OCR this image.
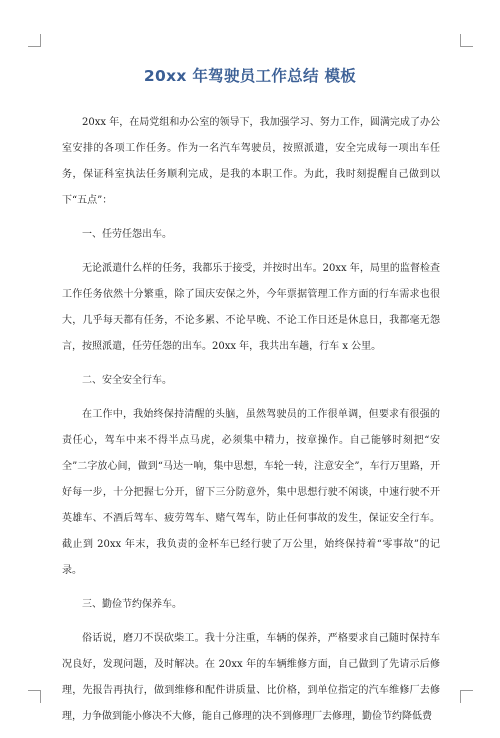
20xx 年驾驶员工作总结 模板

20xx 年，在局党组和办公室的领导下，我加强学习、努力工作，圆满完成了办公室安排的各项工作任务。作为一名汽车驾驶员，按照派遣，安全完成每一项出车任务，保证科室执法任务顺利完成，是我的本职工作。为此，我时刻提醒自己做到以下“五点”：

一、任劳任怨出车。

无论派遣什么样的任务，我都乐于接受，并按时出车。20xx 年，局里的监督检查工作任务依然十分繁重，除了国庆安保之外，今年票据管理工作方面的行车需求也很大，几乎每天都有任务，不论多累、不论早晚、不论工作日还是休息日，我都毫无怨言，按照派遣，任劳任怨的出车。20xx 年，我共出车趟，行车 x 公里。

二、安全安全行车。

在工作中，我始终保持清醒的头脑，虽然驾驶员的工作很单调，但要求有很强的责任心，驾车中来不得半点马虎，必须集中精力，按章操作。自己能够时刻把“安全”二字放心间，做到“马达一响，集中思想，车轮一转，注意安全”，车行万里路，开好每一步，十分把握七分开，留下三分防意外，集中思想行驶不闲谈，中速行驶不开英雄车、不酒后驾车、疲劳驾车、赌气驾车，防止任何事故的发生，保证安全行车。截止到 20xx 年末，我负责的金杯车已经行驶了万公里，始终保持着“零事故”的记录。

三、勤俭节约保养车。

俗话说，磨刀不误砍柴工。我十分注重，车辆的保养，严格要求自己随时保持车况良好，发现问题，及时解决。在 20xx 年的车辆维修方面，自己做到了先请示后修理，先报告再执行，做到维修和配件讲质量、比价格，到单位指定的汽车维修厂去修理，力争做到能小修决不大修，能自己修理的决不到修理厂去修理，勤俭节约降低费
